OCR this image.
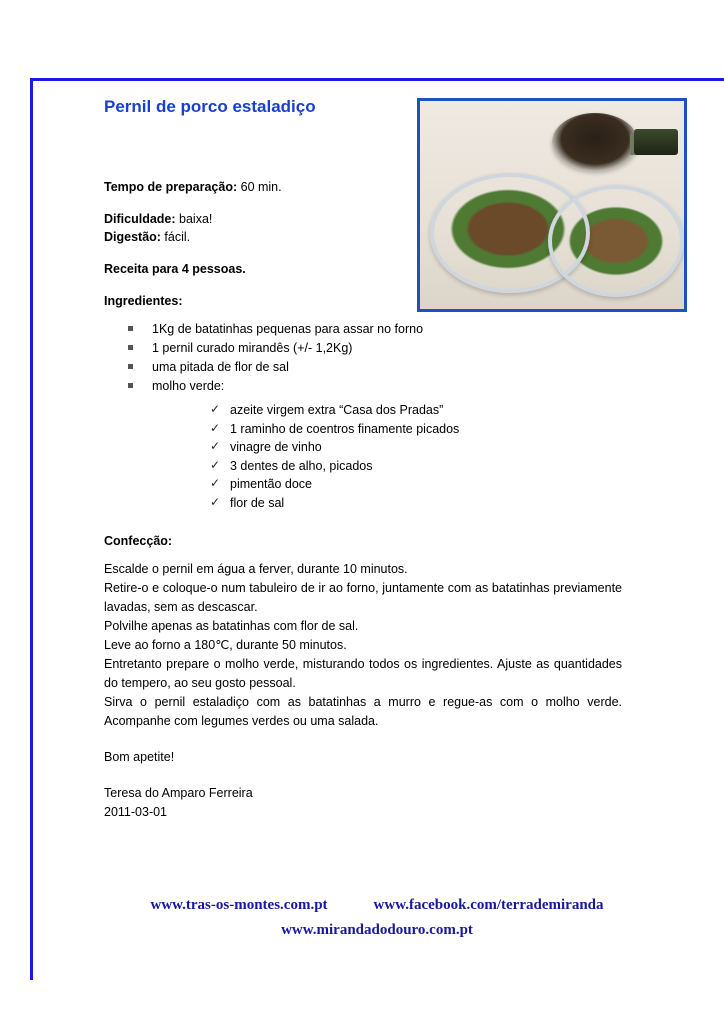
Pernil de porco estaladiço

Tempo de preparação: 60 min.

Dificuldade: baixa!

Digestão: fácil.

Receita para 4 pessoas.

Ingredientes:

1Kg de batatinhas pequenas para assar no forno
1 pernil curado mirandês (+/- 1,2Kg)
uma pitada de flor de sal
molho verde:
✓ azeite virgem extra “Casa dos Pradas”
✓ 1 raminho de coentros finamente picados
✓ vinagre de vinho
✓ 3 dentes de alho, picados
✓ pimentão doce
✓ flor de sal

Confecção:

Escalde o pernil em água a ferver, durante 10 minutos.

Retire-o e coloque-o num tabuleiro de ir ao forno, juntamente com as batatinhas previamente lavadas, sem as descascar.

Polvilhe apenas as batatinhas com flor de sal.

Leve ao forno a 180℃, durante 50 minutos.

Entretanto prepare o molho verde, misturando todos os ingredientes. Ajuste as quantidades do tempero, ao seu gosto pessoal.

Sirva o pernil estaladiço com as batatinhas a murro e regue-as com o molho verde. Acompanhe com legumes verdes ou uma salada.

Bom apetite!

Teresa do Amparo Ferreira

2011-03-01

www.tras-os-montes.com.pt	www.facebook.com/terrademiranda
www.mirandadodouro.com.pt
